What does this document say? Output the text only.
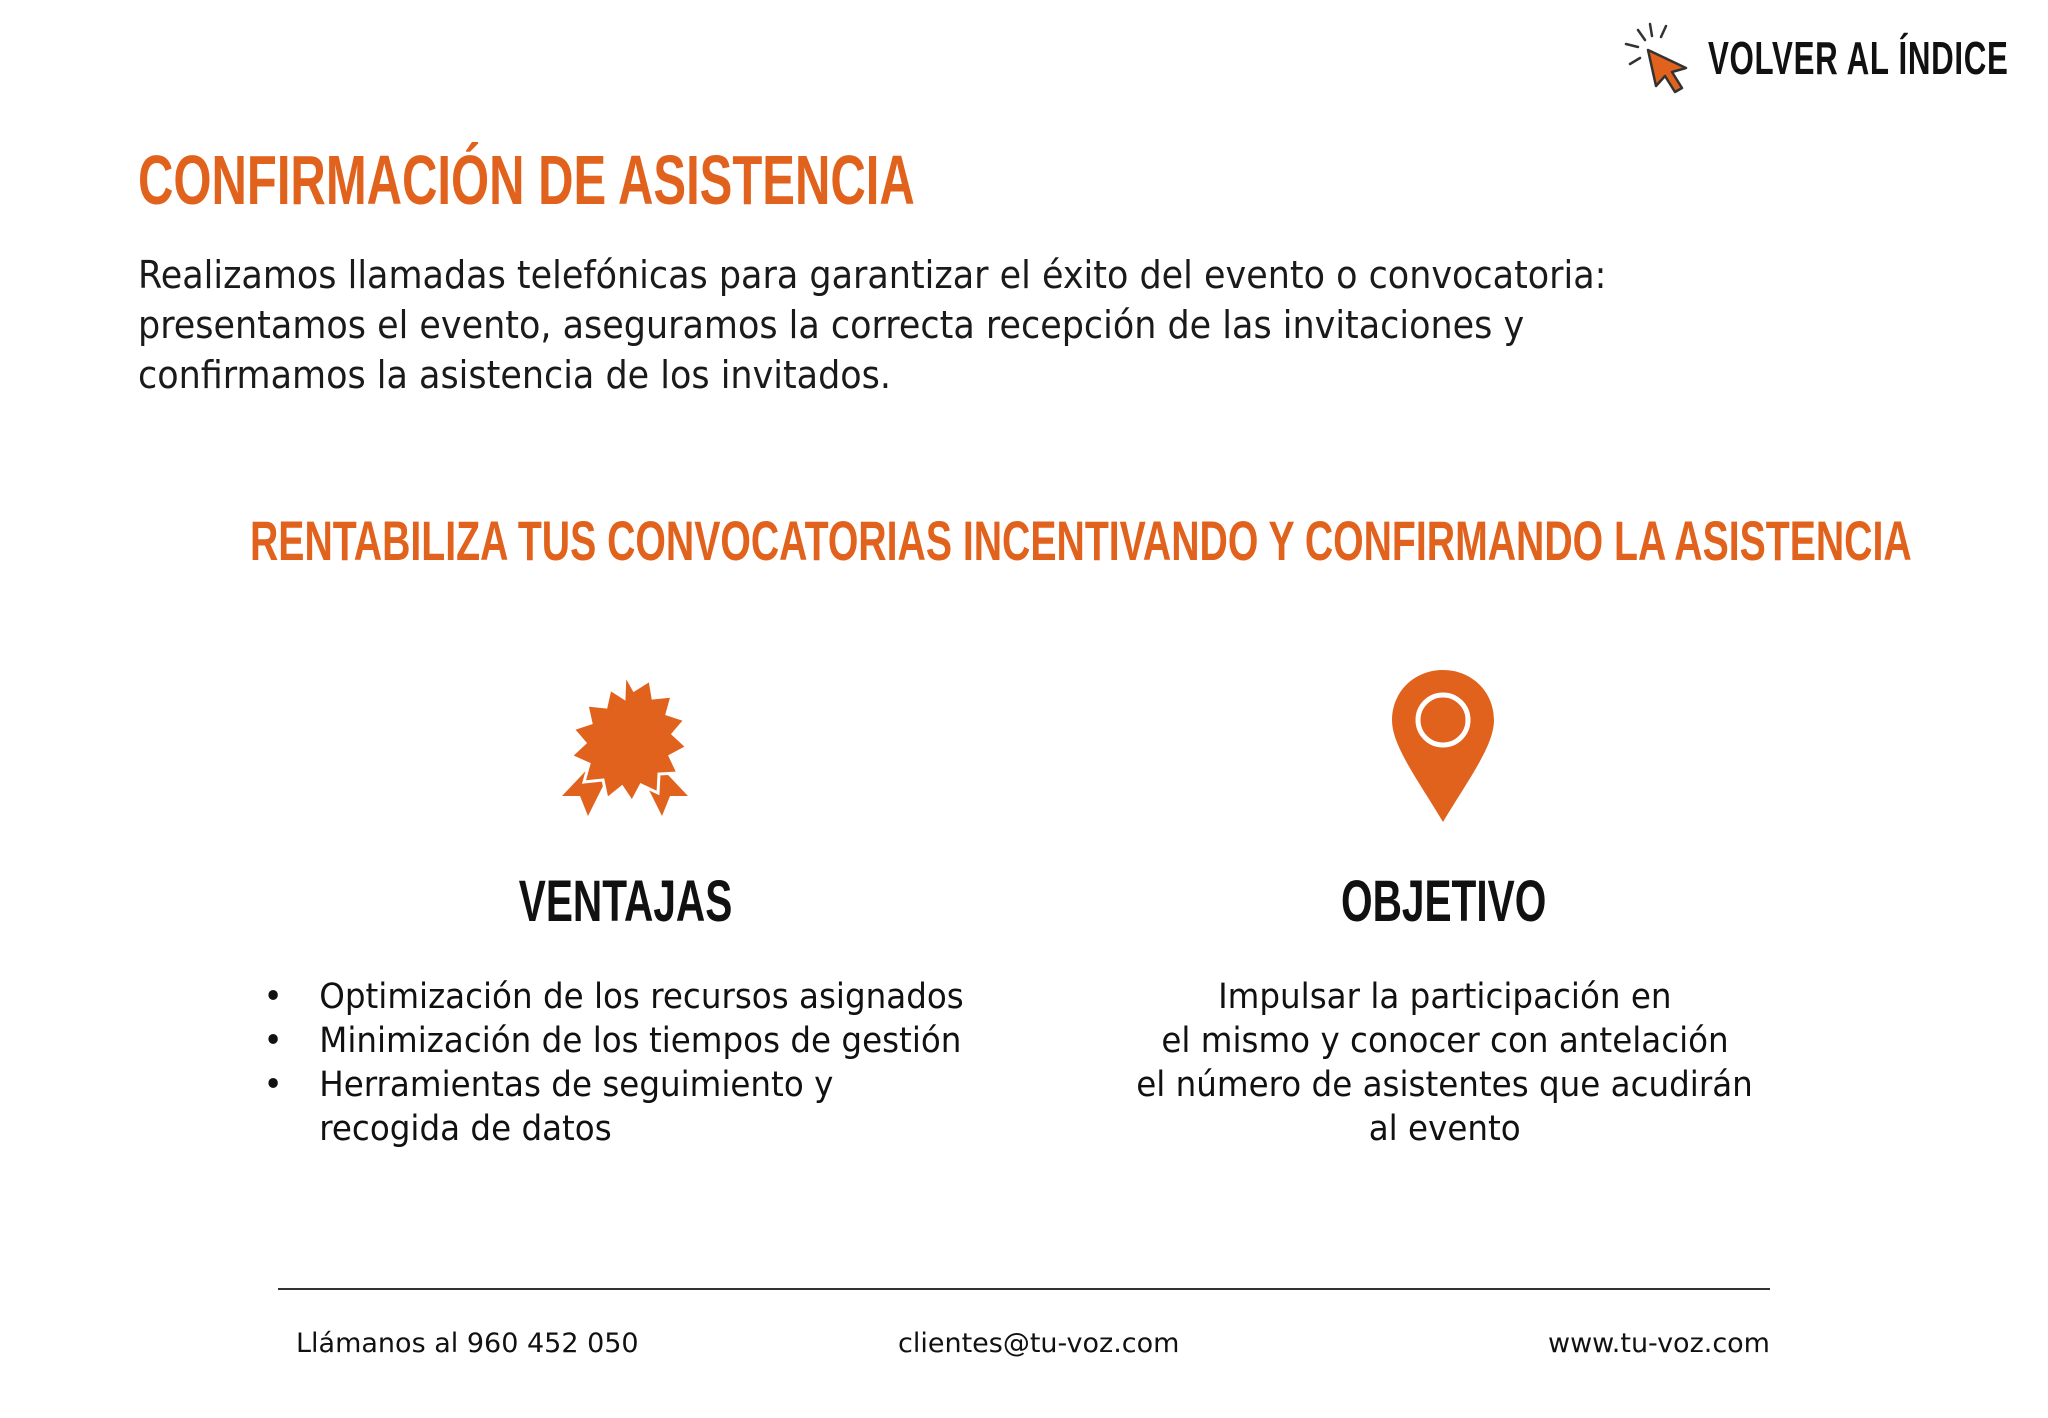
VOLVER AL ÍNDICE
CONFIRMACIÓN DE ASISTENCIA

Realizamos llamadas telefónicas para garantizar el éxito del evento o convocatoria:

presentamos el evento, aseguramos la correcta recepción de las invitaciones y

confirmamos la asistencia de los invitados.

RENTABILIZA TUS CONVOCATORIAS INCENTIVANDO Y CONFIRMANDO LA ASISTENCIA
VENTAJAS	OBJETIVO
• Optimización de los recursos asignados
• Minimización de los tiempos de gestión
• Herramientas de seguimiento y
recogida de datos

Impulsar la participación en

el mismo y conocer con antelación

el número de asistentes que acudirán

al evento

Llámanos al 960 452 050	clientes@tu-voz.com	www.tu-voz.com
